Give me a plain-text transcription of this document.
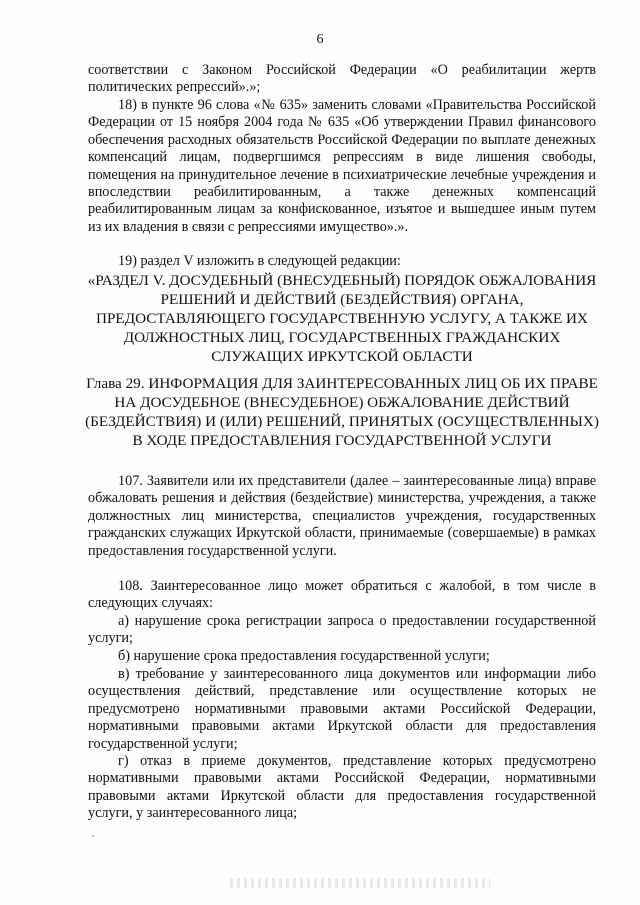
6
соответствии с Законом Российской Федерации «О реабилитации жертв политических репрессий».»;
18) в пункте 96 слова «№ 635» заменить словами «Правительства Российской Федерации от 15 ноября 2004 года № 635 «Об утверждении Правил финансового обеспечения расходных обязательств Российской Федерации по выплате денежных компенсаций лицам, подвергшимся репрессиям в виде лишения свободы, помещения на принудительное лечение в психиатрические лечебные учреждения и впоследствии реабилитированным, а также денежных компенсаций реабилитированным лицам за конфискованное, изъятое и вышедшее иным путем из их владения в связи с репрессиями имущество».».
19) раздел V изложить в следующей редакции:
«РАЗДЕЛ V. ДОСУДЕБНЫЙ (ВНЕСУДЕБНЫЙ) ПОРЯДОК ОБЖАЛОВАНИЯ РЕШЕНИЙ И ДЕЙСТВИЙ (БЕЗДЕЙСТВИЯ) ОРГАНА, ПРЕДОСТАВЛЯЮЩЕГО ГОСУДАРСТВЕННУЮ УСЛУГУ, А ТАКЖЕ ИХ ДОЛЖНОСТНЫХ ЛИЦ, ГОСУДАРСТВЕННЫХ ГРАЖДАНСКИХ СЛУЖАЩИХ ИРКУТСКОЙ ОБЛАСТИ
Глава 29. ИНФОРМАЦИЯ ДЛЯ ЗАИНТЕРЕСОВАННЫХ ЛИЦ ОБ ИХ ПРАВЕ НА ДОСУДЕБНОЕ (ВНЕСУДЕБНОЕ) ОБЖАЛОВАНИЕ ДЕЙСТВИЙ (БЕЗДЕЙСТВИЯ) И (ИЛИ) РЕШЕНИЙ, ПРИНЯТЫХ (ОСУЩЕСТВЛЕННЫХ) В ХОДЕ ПРЕДОСТАВЛЕНИЯ ГОСУДАРСТВЕННОЙ УСЛУГИ
107. Заявители или их представители (далее – заинтересованные лица) вправе обжаловать решения и действия (бездействие) министерства, учреждения, а также должностных лиц министерства, специалистов учреждения, государственных гражданских служащих Иркутской области, принимаемые (совершаемые) в рамках предоставления государственной услуги.
108. Заинтересованное лицо может обратиться с жалобой, в том числе в следующих случаях:
а) нарушение срока регистрации запроса о предоставлении государственной услуги;
б) нарушение срока предоставления государственной услуги;
в) требование у заинтересованного лица документов или информации либо осуществления действий, представление или осуществление которых не предусмотрено нормативными правовыми актами Российской Федерации, нормативными правовыми актами Иркутской области для предоставления государственной услуги;
г) отказ в приеме документов, представление которых предусмотрено нормативными правовыми актами Российской Федерации, нормативными правовыми актами Иркутской области для предоставления государственной услуги, у заинтересованного лица;
